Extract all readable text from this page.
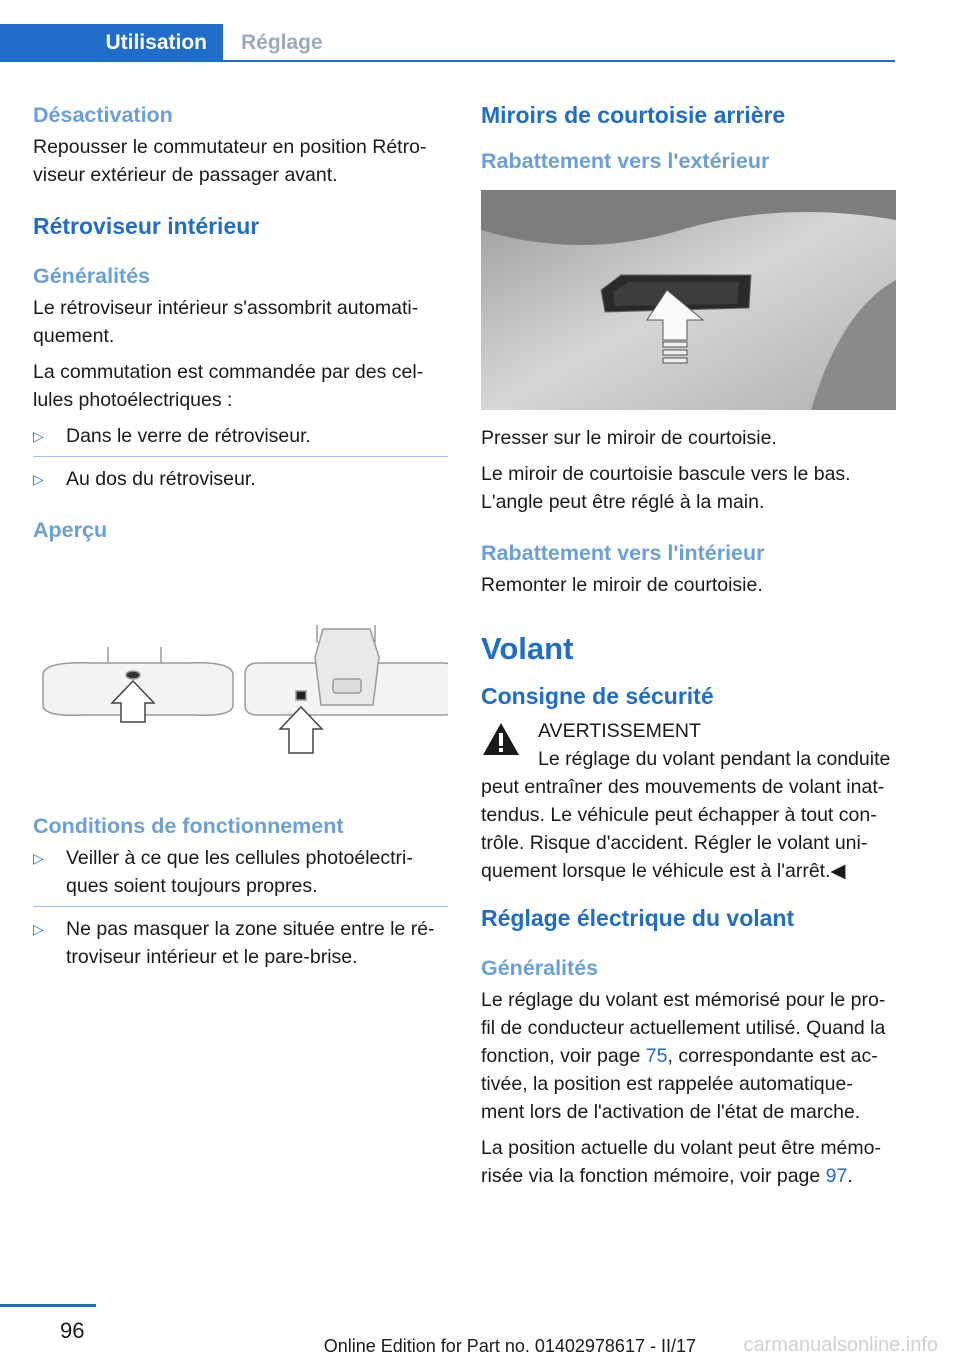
Utilisation	Réglage
Désactivation

Repousser le commutateur en position Rétro-viseur extérieur de passager avant.

Rétroviseur intérieur
Généralités

Le rétroviseur intérieur s'assombrit automati-quement.

La commutation est commandée par des cel-lules photoélectriques :

▷ Dans le verre de rétroviseur.
▷ Au dos du rétroviseur.
Aperçu
Conditions de fonctionnement
▷ Veiller à ce que les cellules photoélectri-ques soient toujours propres.
▷ Ne pas masquer la zone située entre le ré-troviseur intérieur et le pare-brise.
Miroirs de courtoisie arrière
Rabattement vers l'extérieur

Presser sur le miroir de courtoisie.

Le miroir de courtoisie bascule vers le bas. L'angle peut être réglé à la main.

Rabattement vers l'intérieur

Remonter le miroir de courtoisie.

Volant
Consigne de sécurité
AVERTISSEMENT

Le réglage du volant pendant la conduite peut entraîner des mouvements de volant inat-tendus. Le véhicule peut échapper à tout con-trôle. Risque d'accident. Régler le volant uni-quement lorsque le véhicule est à l'arrêt.◀

Réglage électrique du volant
Généralités

Le réglage du volant est mémorisé pour le pro-fil de conducteur actuellement utilisé. Quand la fonction, voir page 75, correspondante est ac-tivée, la position est rappelée automatique-ment lors de l'activation de l'état de marche.

La position actuelle du volant peut être mémo-risée via la fonction mémoire, voir page 97.

96
Online Edition for Part no. 01402978617 - II/17 carmanualsonline.info
